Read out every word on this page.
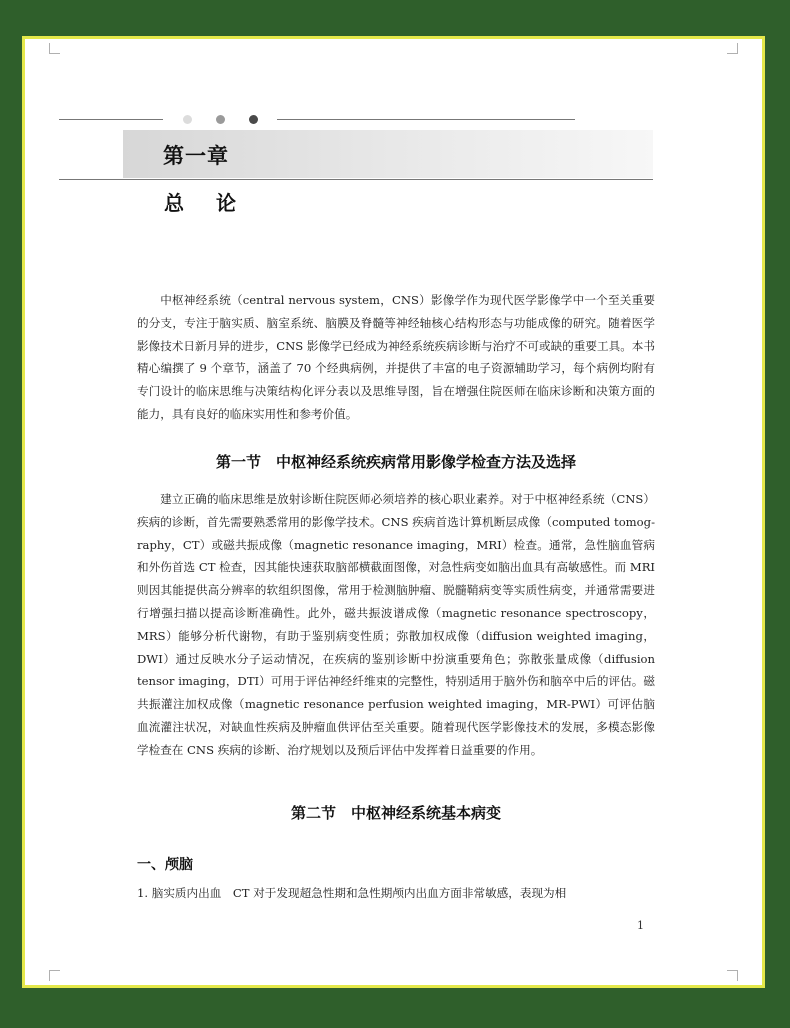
第一章
总论

中枢神经系统（central nervous system，CNS）影像学作为现代医学影像学中一个至关重要的分支，专注于脑实质、脑室系统、脑膜及脊髓等神经轴核心结构形态与功能成像的研究。随着医学影像技术日新月异的进步，CNS 影像学已经成为神经系统疾病诊断与治疗不可或缺的重要工具。本书精心编撰了 9 个章节，涵盖了 70 个经典病例，并提供了丰富的电子资源辅助学习，每个病例均附有专门设计的临床思维与决策结构化评分表以及思维导图，旨在增强住院医师在临床诊断和决策方面的能力，具有良好的临床实用性和参考价值。

第一节　中枢神经系统疾病常用影像学检查方法及选择

建立正确的临床思维是放射诊断住院医师必须培养的核心职业素养。对于中枢神经系统（CNS）疾病的诊断，首先需要熟悉常用的影像学技术。CNS 疾病首选计算机断层成像（computed tomog-raphy，CT）或磁共振成像（magnetic resonance imaging，MRI）检查。通常，急性脑血管病和外伤首选 CT 检查，因其能快速获取脑部横截面图像，对急性病变如脑出血具有高敏感性。而 MRI 则因其能提供高分辨率的软组织图像，常用于检测脑肿瘤、脱髓鞘病变等实质性病变，并通常需要进行增强扫描以提高诊断准确性。此外，磁共振波谱成像（magnetic resonance spectroscopy，MRS）能够分析代谢物，有助于鉴别病变性质；弥散加权成像（diffusion weighted imaging，DWI）通过反映水分子运动情况，在疾病的鉴别诊断中扮演重要角色；弥散张量成像（diffusion tensor imaging，DTI）可用于评估神经纤维束的完整性，特别适用于脑外伤和脑卒中后的评估。磁共振灌注加权成像（magnetic resonance perfusion weighted imaging，MR-PWI）可评估脑血流灌注状况，对缺血性疾病及肿瘤血供评估至关重要。随着现代医学影像技术的发展，多模态影像学检查在 CNS 疾病的诊断、治疗规划以及预后评估中发挥着日益重要的作用。

第二节　中枢神经系统基本病变
一、颅脑

1. 脑实质内出血　CT 对于发现超急性期和急性期颅内出血方面非常敏感，表现为相

1
